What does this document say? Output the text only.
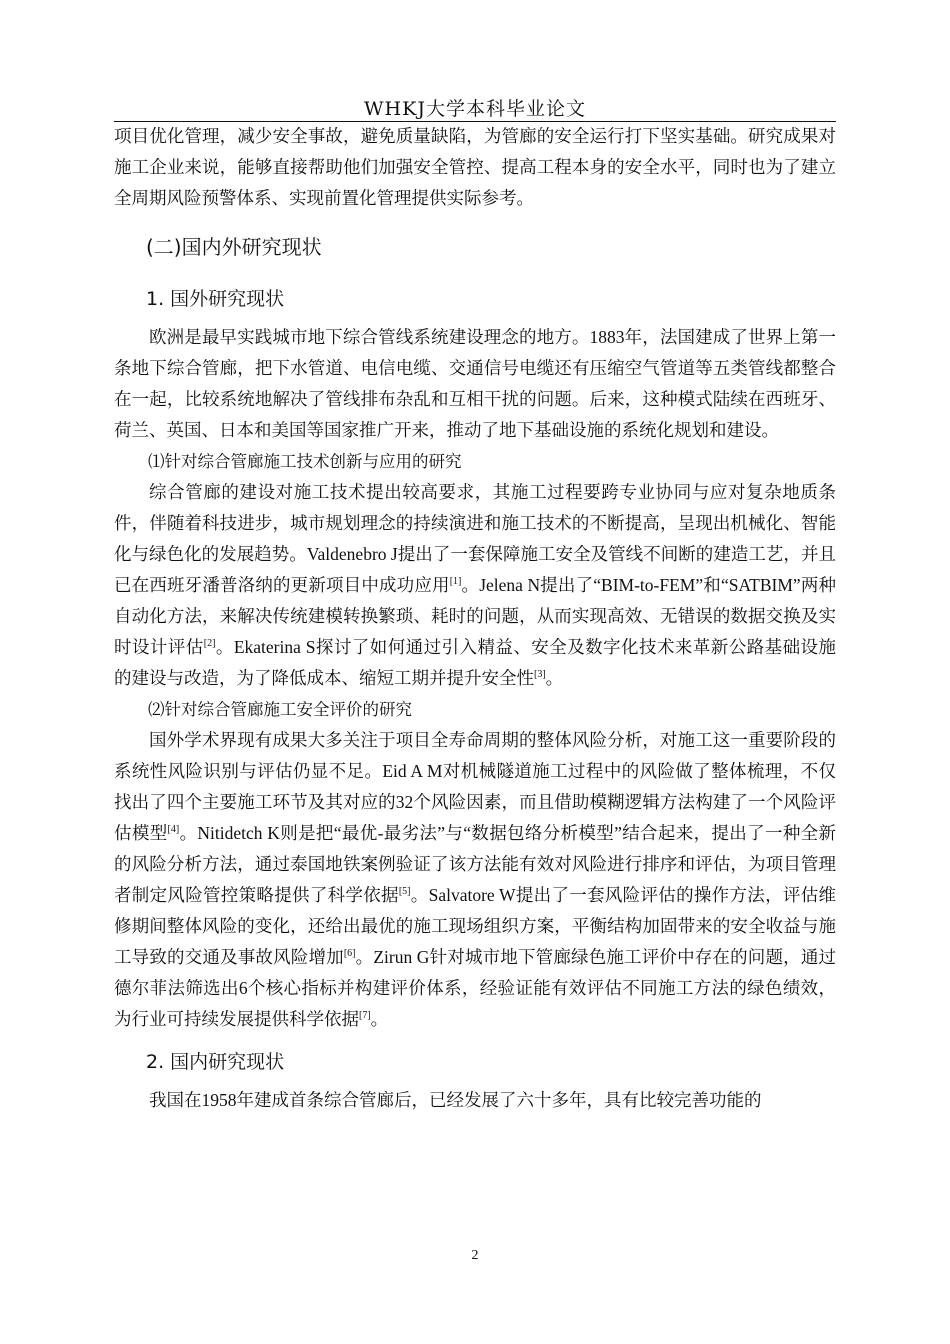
WHKJ大学本科毕业论文

项目优化管理，减少安全事故，避免质量缺陷，为管廊的安全运行打下坚实基础。研究成果对施工企业来说，能够直接帮助他们加强安全管控、提高工程本身的安全水平，同时也为了建立全周期风险预警体系、实现前置化管理提供实际参考。

(二)国内外研究现状
1. 国外研究现状

欧洲是最早实践城市地下综合管线系统建设理念的地方。1883年，法国建成了世界上第一条地下综合管廊，把下水管道、电信电缆、交通信号电缆还有压缩空气管道等五类管线都整合在一起，比较系统地解决了管线排布杂乱和互相干扰的问题。后来，这种模式陆续在西班牙、荷兰、英国、日本和美国等国家推广开来，推动了地下基础设施的系统化规划和建设。

⑴针对综合管廊施工技术创新与应用的研究

综合管廊的建设对施工技术提出较高要求，其施工过程要跨专业协同与应对复杂地质条件，伴随着科技进步，城市规划理念的持续演进和施工技术的不断提高，呈现出机械化、智能化与绿色化的发展趋势。Valdenebro J提出了一套保障施工安全及管线不间断的建造工艺，并且已在西班牙潘普洛纳的更新项目中成功应用[1]。Jelena N提出了“BIM-to-FEM”和“SATBIM”两种自动化方法，来解决传统建模转换繁琐、耗时的问题，从而实现高效、无错误的数据交换及实时设计评估[2]。Ekaterina S探讨了如何通过引入精益、安全及数字化技术来革新公路基础设施的建设与改造，为了降低成本、缩短工期并提升安全性[3]。

⑵针对综合管廊施工安全评价的研究

国外学术界现有成果大多关注于项目全寿命周期的整体风险分析，对施工这一重要阶段的系统性风险识别与评估仍显不足。Eid A M对机械隧道施工过程中的风险做了整体梳理，不仅找出了四个主要施工环节及其对应的32个风险因素，而且借助模糊逻辑方法构建了一个风险评估模型[4]。Nitidetch K则是把“最优-最劣法”与“数据包络分析模型”结合起来，提出了一种全新的风险分析方法，通过泰国地铁案例验证了该方法能有效对风险进行排序和评估，为项目管理者制定风险管控策略提供了科学依据[5]。Salvatore W提出了一套风险评估的操作方法，评估维修期间整体风险的变化，还给出最优的施工现场组织方案，平衡结构加固带来的安全收益与施工导致的交通及事故风险增加[6]。Zirun G针对城市地下管廊绿色施工评价中存在的问题，通过德尔菲法筛选出6个核心指标并构建评价体系，经验证能有效评估不同施工方法的绿色绩效，为行业可持续发展提供科学依据[7]。

2. 国内研究现状

我国在1958年建成首条综合管廊后，已经发展了六十多年，具有比较完善功能的

2
